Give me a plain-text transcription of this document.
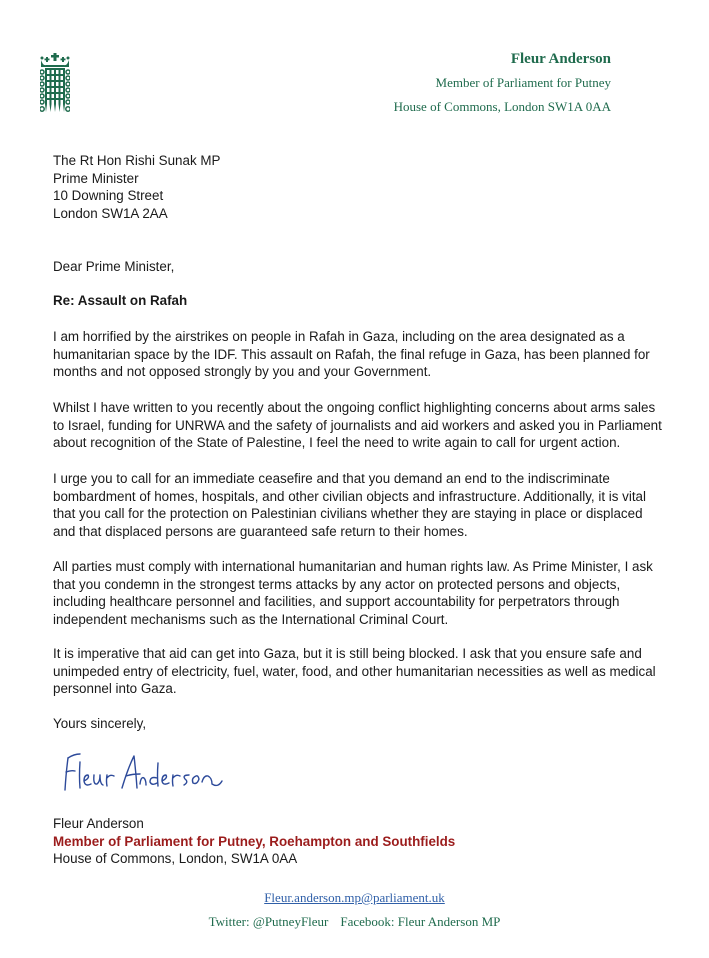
Fleur Anderson
Member of Parliament for Putney
House of Commons, London SW1A 0AA

The Rt Hon Rishi Sunak MP

Prime Minister

10 Downing Street

London SW1A 2AA

Dear Prime Minister,
Re: Assault on Rafah
I am horrified by the airstrikes on people in Rafah in Gaza, including on the area designated as a humanitarian space by the IDF. This assault on Rafah, the final refuge in Gaza, has been planned for months and not opposed strongly by you and your Government.
Whilst I have written to you recently about the ongoing conflict highlighting concerns about arms sales to Israel, funding for UNRWA and the safety of journalists and aid workers and asked you in Parliament about recognition of the State of Palestine, I feel the need to write again to call for urgent action.
I urge you to call for an immediate ceasefire and that you demand an end to the indiscriminate bombardment of homes, hospitals, and other civilian objects and infrastructure. Additionally, it is vital that you call for the protection on Palestinian civilians whether they are staying in place or displaced and that displaced persons are guaranteed safe return to their homes.
All parties must comply with international humanitarian and human rights law. As Prime Minister, I ask that you condemn in the strongest terms attacks by any actor on protected persons and objects, including healthcare personnel and facilities, and support accountability for perpetrators through independent mechanisms such as the International Criminal Court.
It is imperative that aid can get into Gaza, but it is still being blocked. I ask that you ensure safe and unimpeded entry of electricity, fuel, water, food, and other humanitarian necessities as well as medical personnel into Gaza.
Yours sincerely,

Fleur Anderson

Member of Parliament for Putney, Roehampton and Southfields

House of Commons, London, SW1A 0AA

Fleur.anderson.mp@parliament.uk
Twitter: @PutneyFleur Facebook: Fleur Anderson MP
